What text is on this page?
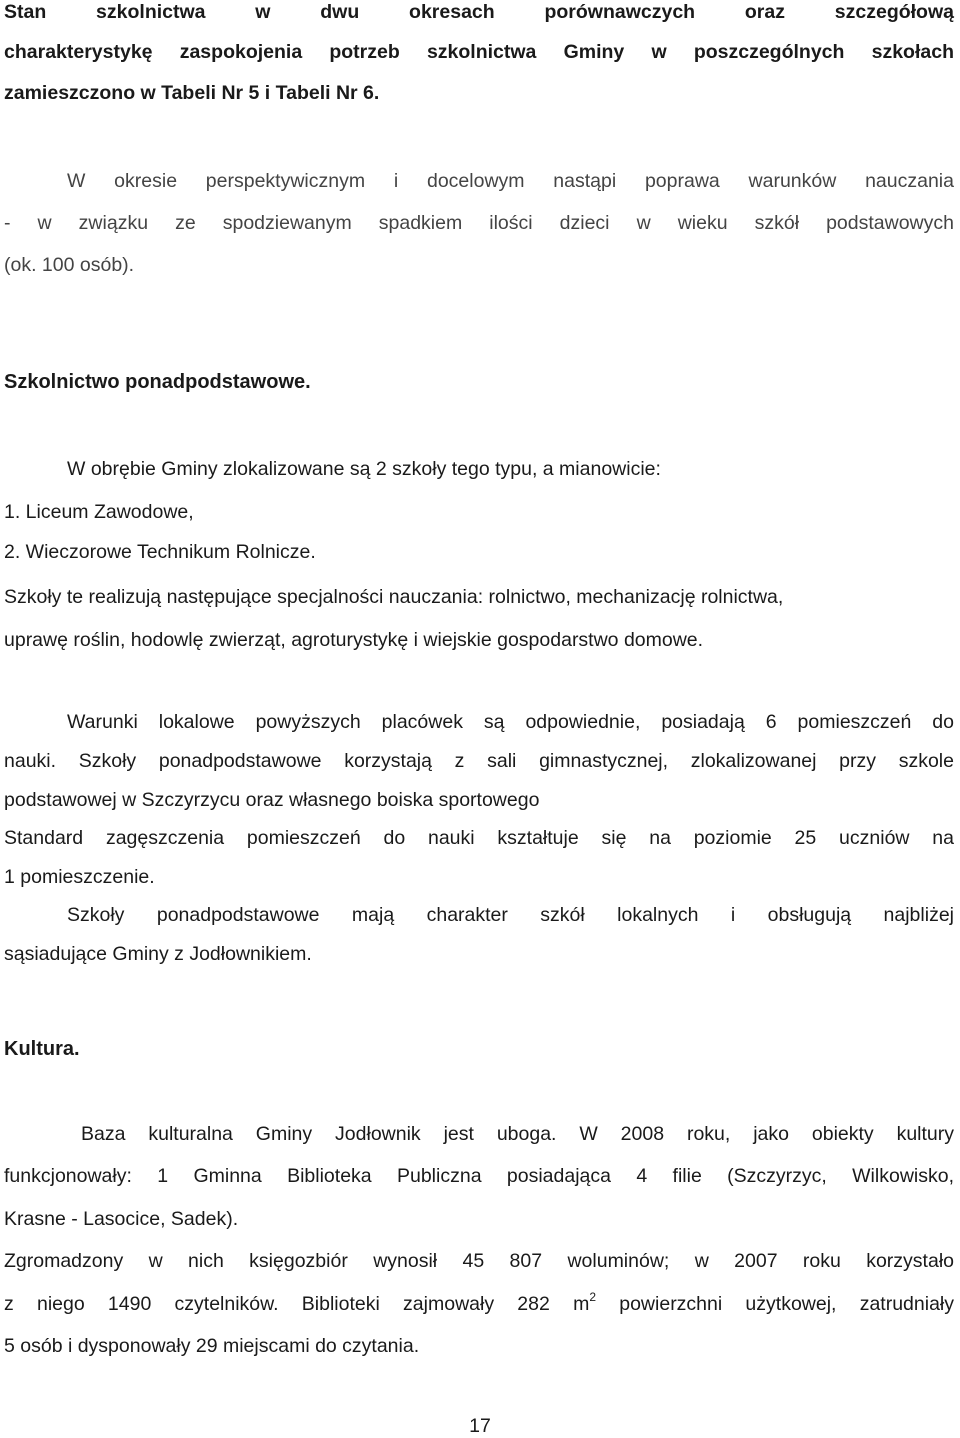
Stan szkolnictwa w dwu okresach porównawczych oraz szczegółową
charakterystykę zaspokojenia potrzeb szkolnictwa Gminy w poszczególnych szkołach
zamieszczono w Tabeli Nr 5 i Tabeli Nr 6.
W okresie perspektywicznym i docelowym nastąpi poprawa warunków nauczania
- w związku ze spodziewanym spadkiem ilości dzieci w wieku szkół podstawowych
(ok. 100 osób).
Szkolnictwo ponadpodstawowe.
W obrębie Gminy zlokalizowane są 2 szkoły tego typu, a mianowicie:
1. Liceum Zawodowe,
2. Wieczorowe Technikum Rolnicze.
Szkoły te realizują następujące specjalności nauczania: rolnictwo, mechanizację rolnictwa,
uprawę roślin, hodowlę zwierząt, agroturystykę i wiejskie gospodarstwo domowe.
Warunki lokalowe powyższych placówek są odpowiednie, posiadają 6 pomieszczeń do
nauki. Szkoły ponadpodstawowe korzystają z sali gimnastycznej, zlokalizowanej przy szkole
podstawowej w Szczyrzycu oraz własnego boiska sportowego
Standard zagęszczenia pomieszczeń do nauki kształtuje się na poziomie 25 uczniów na
1 pomieszczenie.
Szkoły ponadpodstawowe mają charakter szkół lokalnych i obsługują najbliżej
sąsiadujące Gminy z Jodłownikiem.
Kultura.
Baza kulturalna Gminy Jodłownik jest uboga. W 2008 roku, jako obiekty kultury
funkcjonowały: 1 Gminna Biblioteka Publiczna posiadająca 4 filie (Szczyrzyc, Wilkowisko,
Krasne - Lasocice, Sadek).
Zgromadzony w nich księgozbiór wynosił 45 807 woluminów; w 2007 roku korzystało
z niego 1490 czytelników. Biblioteki zajmowały 282 $m^2$ powierzchni użytkowej, zatrudniały
5 osób i dysponowały 29 miejscami do czytania.
17
